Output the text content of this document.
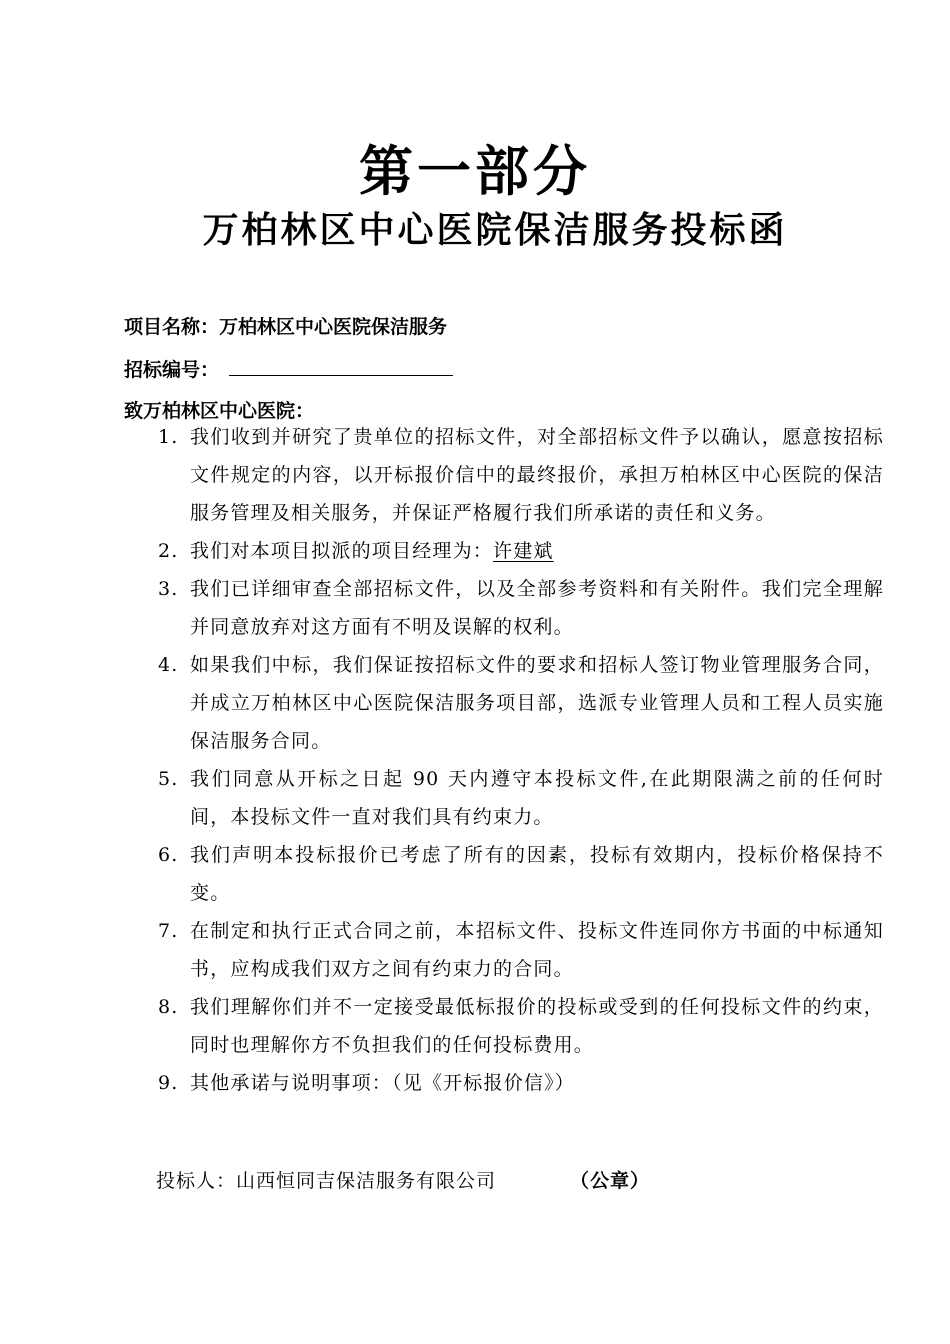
第一部分
万柏林区中心医院保洁服务投标函
项目名称：万柏林区中心医院保洁服务
招标编号：
致万柏林区中心医院：
1. 我们收到并研究了贵单位的招标文件，对全部招标文件予以确认，愿意按招标文件规定的内容，以开标报价信中的最终报价，承担万柏林区中心医院的保洁服务管理及相关服务，并保证严格履行我们所承诺的责任和义务。
2. 我们对本项目拟派的项目经理为：许建斌
3. 我们已详细审查全部招标文件，以及全部参考资料和有关附件。我们完全理解并同意放弃对这方面有不明及误解的权利。
4. 如果我们中标，我们保证按招标文件的要求和招标人签订物业管理服务合同，并成立万柏林区中心医院保洁服务项目部，选派专业管理人员和工程人员实施保洁服务合同。
5. 我们同意从开标之日起 90 天内遵守本投标文件,在此期限满之前的任何时间，本投标文件一直对我们具有约束力。
6. 我们声明本投标报价已考虑了所有的因素，投标有效期内，投标价格保持不变。
7. 在制定和执行正式合同之前，本招标文件、投标文件连同你方书面的中标通知书，应构成我们双方之间有约束力的合同。
8. 我们理解你们并不一定接受最低标报价的投标或受到的任何投标文件的约束，同时也理解你方不负担我们的任何投标费用。
9. 其他承诺与说明事项：（见《开标报价信》）
投标人：山西恒同吉保洁服务有限公司	（公章）
